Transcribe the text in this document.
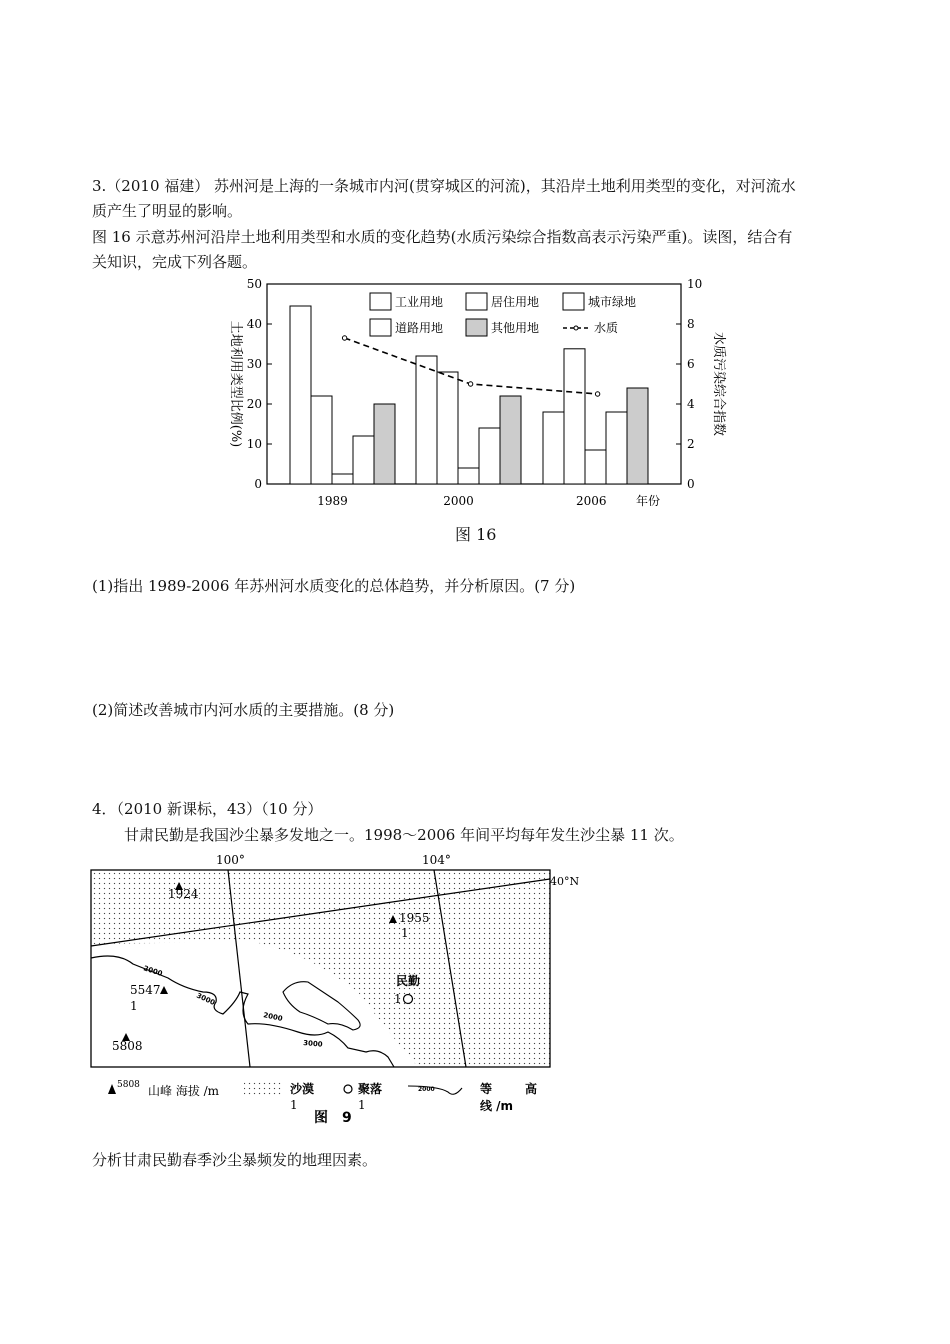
3.（2010 福建） 苏州河是上海的一条城市内河(贯穿城区的河流)，其沿岸土地利用类型的变化，对河流水
质产生了明显的影响。
图 16 示意苏州河沿岸土地利用类型和水质的变化趋势(水质污染综合指数高表示污染严重)。读图，结合有
关知识，完成下列各题。
土地利用类型比例(%)	水质污染综合指数
年份
0
10
20
30
40
50
0
2
4
6
8
10
1989	2000	2006
工业用地	居住用地	城市绿地
道路用地	其他用地	水质
图 16
(1)指出 1989-2006 年苏州河水质变化的总体趋势，并分析原因。(7 分)
(2)简述改善城市内河水质的主要措施。(8 分)
4．（2010 新课标，43）（10 分）
甘肃民勤是我国沙尘暴多发地之一。1998～2006 年间平均每年发生沙尘暴 11 次。
2000
3000
2000
3000
100°	104°
40°N
1924
1955
1
5547
1
5808
民勤
1
5808 山峰 海拔 /m	沙漠
1
聚落
1
2000	等	高
线 /m
图　9
分析甘肃民勤春季沙尘暴频发的地理因素。
